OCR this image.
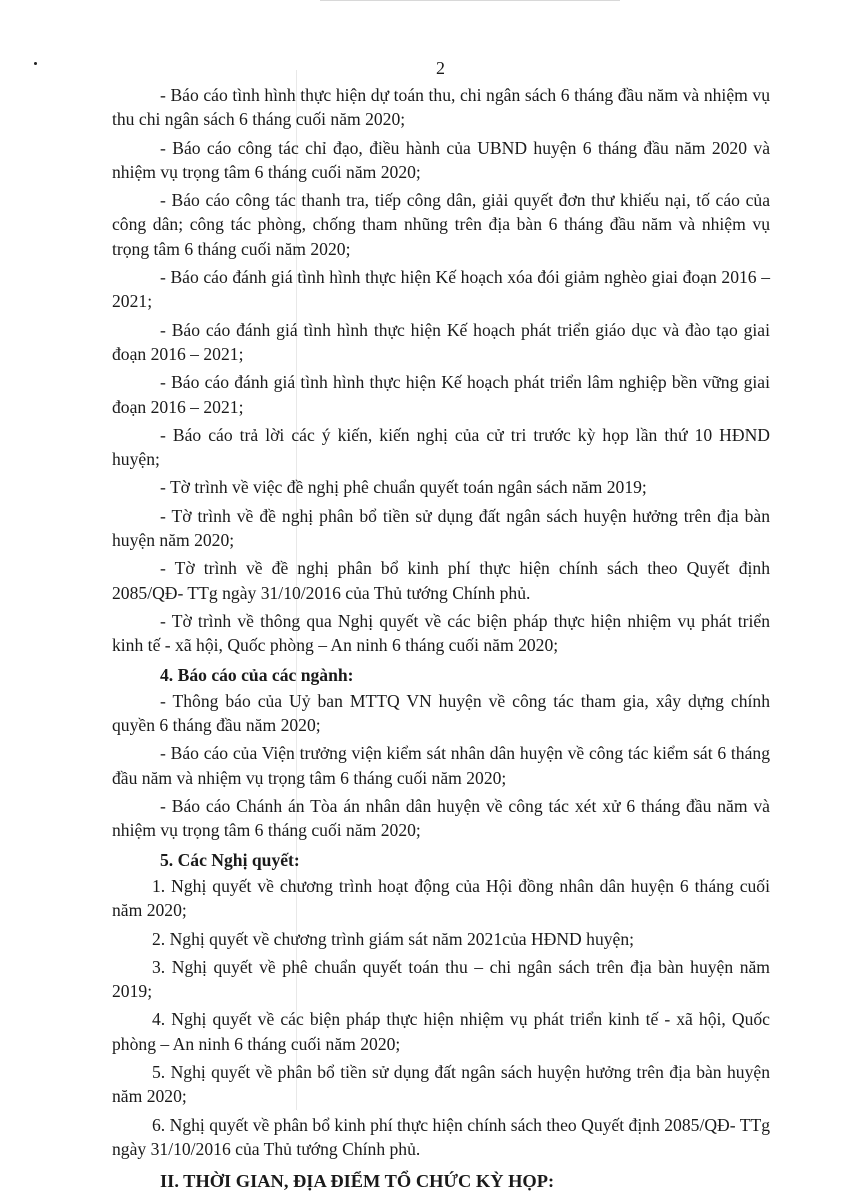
2

- Báo cáo tình hình thực hiện dự toán thu, chi ngân sách 6 tháng đầu năm và nhiệm vụ thu chi ngân sách 6 tháng cuối năm 2020;

- Báo cáo công tác chỉ đạo, điều hành của UBND huyện 6 tháng đầu năm 2020 và nhiệm vụ trọng tâm 6 tháng cuối năm 2020;

- Báo cáo công tác thanh tra, tiếp công dân, giải quyết đơn thư khiếu nại, tố cáo của công dân; công tác phòng, chống tham nhũng trên địa bàn 6 tháng đầu năm và nhiệm vụ trọng tâm 6 tháng cuối năm 2020;

- Báo cáo đánh giá tình hình thực hiện Kế hoạch xóa đói giảm nghèo giai đoạn 2016 – 2021;

- Báo cáo đánh giá tình hình thực hiện Kế hoạch phát triển giáo dục và đào tạo giai đoạn 2016 – 2021;

- Báo cáo đánh giá tình hình thực hiện Kế hoạch phát triển lâm nghiệp bền vững giai đoạn 2016 – 2021;

- Báo cáo trả lời các ý kiến, kiến nghị của cử tri trước kỳ họp lần thứ 10 HĐND huyện;

- Tờ trình về việc đề nghị phê chuẩn quyết toán ngân sách năm 2019;

- Tờ trình về đề nghị phân bổ tiền sử dụng đất ngân sách huyện hưởng trên địa bàn huyện năm 2020;

- Tờ trình về đề nghị phân bổ kinh phí thực hiện chính sách theo Quyết định 2085/QĐ- TTg ngày 31/10/2016 của Thủ tướng Chính phủ.

- Tờ trình về thông qua Nghị quyết về các biện pháp thực hiện nhiệm vụ phát triển kinh tế - xã hội, Quốc phòng – An ninh 6 tháng cuối năm 2020;

4. Báo cáo của các ngành:

- Thông báo của Uỷ ban MTTQ VN huyện về công tác tham gia, xây dựng chính quyền 6 tháng đầu năm 2020;

- Báo cáo của Viện trưởng viện kiểm sát nhân dân huyện về công tác kiểm sát 6 tháng đầu năm và nhiệm vụ trọng tâm 6 tháng cuối năm 2020;

- Báo cáo Chánh án Tòa án nhân dân huyện về công tác xét xử 6 tháng đầu năm và nhiệm vụ trọng tâm 6 tháng cuối năm 2020;

5. Các Nghị quyết:

1. Nghị quyết về chương trình hoạt động của Hội đồng nhân dân huyện 6 tháng cuối năm 2020;

2. Nghị quyết về chương trình giám sát năm 2021của HĐND huyện;

3. Nghị quyết về phê chuẩn quyết toán thu – chi ngân sách trên địa bàn huyện năm 2019;

4. Nghị quyết về các biện pháp thực hiện nhiệm vụ phát triển kinh tế - xã hội, Quốc phòng – An ninh 6 tháng cuối năm 2020;

5. Nghị quyết về phân bổ tiền sử dụng đất ngân sách huyện hưởng trên địa bàn huyện năm 2020;

6. Nghị quyết về phân bổ kinh phí thực hiện chính sách theo Quyết định 2085/QĐ- TTg ngày 31/10/2016 của Thủ tướng Chính phủ.

II. THỜI GIAN, ĐỊA ĐIỂM TỔ CHỨC KỲ HỌP:
